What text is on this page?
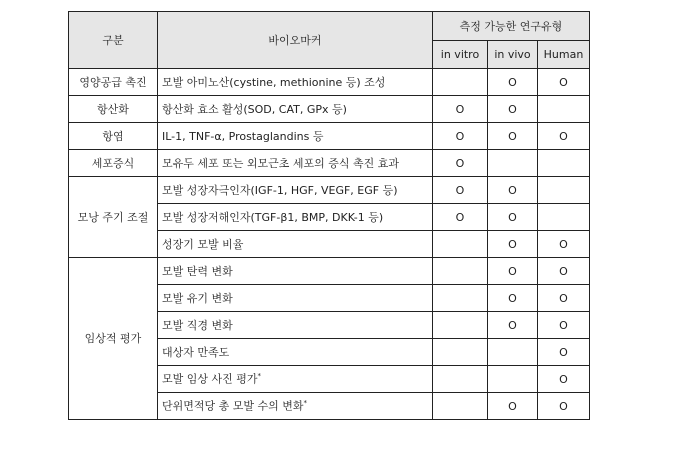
구분	바이오마커	측정 가능한 연구유형		
		in vitro	in vivo	Human
영양공급 촉진	모발 아미노산(cystine, methionine 등) 조성		O	O
항산화	항산화 효소 활성(SOD, CAT, GPx 등)	O	O	
항염	IL-1, TNF-α, Prostaglandins 등	O	O	O
세포증식	모유두 세포 또는 외모근초 세포의 증식 촉진 효과	O		
모낭 주기 조절	모발 성장자극인자(IGF-1, HGF, VEGF, EGF 등)	O	O	
	모발 성장저해인자(TGF-β1, BMP, DKK-1 등)	O	O	
	성장기 모발 비율		O	O
임상적 평가	모발 탄력 변화		O	O
	모발 유기 변화		O	O
	모발 직경 변화		O	O
	대상자 만족도			O
	모발 임상 사진 평가*			O
	단위면적당 총 모발 수의 변화*		O	O
